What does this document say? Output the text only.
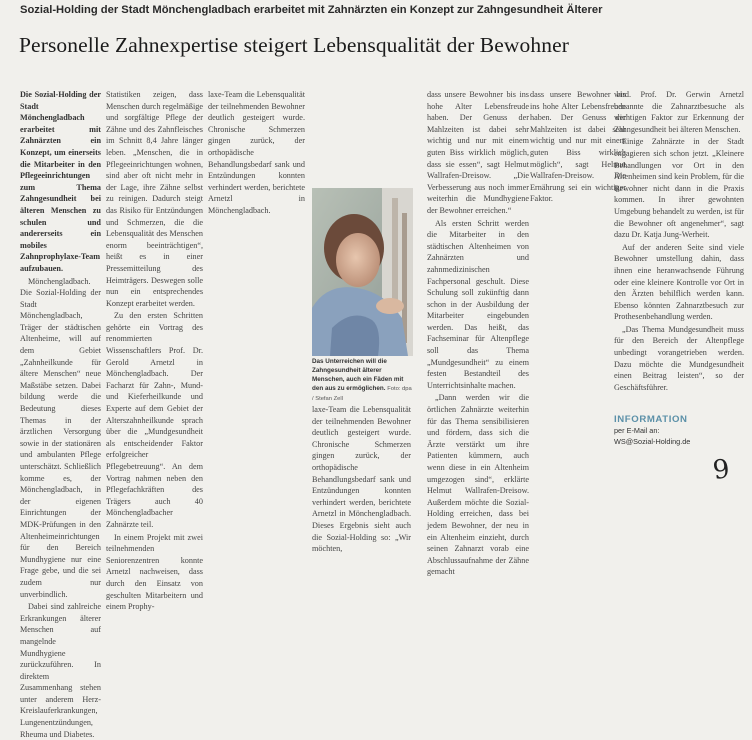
Sozial-Holding der Stadt Mönchengladbach erarbeitet mit Zahnärzten ein Konzept zur Zahngesundheit Älterer
Personelle Zahnexpertise steigert Lebensqualität der Bewohner

Die Sozial-Holding der Stadt Mönchengladbach erarbeitet mit Zahnärzten ein Konzept, um einerseits die Mitarbeiter in den Pflegeeinrichtungen zum Thema Zahngesundheit bei älteren Menschen zu schulen und andererseits ein mobiles Zahnprophylaxe-Team aufzubauen.

Mönchengladbach. Die Sozial-Holding der Stadt Mönchengladbach, Träger der städtischen Altenheime, will auf dem Gebiet „Zahnheilkunde für ältere Menschen“ neue Maßstäbe setzen. Dabei bildung werde die Bedeutung dieses Themas in der ärztlichen Versorgung sowie in der stationären und ambulanten Pflege unterschätzt. Schließlich komme es, der Mönchengladbach, in der eigenen Einrichtungen der MDK-Prüfungen in den Altenheimeinrichtungen für den Bereich Mundhygiene nur eine Frage gebe, und die sei zudem nur unverbindlich.

Dabei sind zahlreiche Erkrankungen älterer Menschen auf mangelnde Mundhygiene zurückzuführen. In direktem Zusammenhang stehen unter anderem Herz-Kreislauferkrankungen, Lungenentzündungen, Rheuma und Diabetes.

Statistiken zeigen, dass Menschen durch regelmäßige und sorgfältige Pflege der Zähne und des Zahnfleisches im Schnitt 8,4 Jahre länger leben. „Menschen, die in Pflegeeinrichtungen wohnen, sind aber oft nicht mehr in der Lage, ihre Zähne selbst zu reinigen. Dadurch steigt das Risiko für Entzündungen und Schmerzen, die die Lebensqualität des Menschen enorm beeinträchtigen“, heißt es in einer Pressemitteilung des Heimträgers. Deswegen solle nun ein entsprechendes Konzept erarbeitet werden.

Zu den ersten Schritten gehörte ein Vortrag des renommierten Wissenschaftlers Prof. Dr. Gerold Arnetzl in Mönchengladbach. Der Facharzt für Zahn-, Mund- und Kieferheilkunde und Experte auf dem Gebiet der Alterszahnheilkunde sprach über die „Mundgesundheit als entscheidender Faktor erfolgreicher Pflegebetreuung“. An dem Vortrag nahmen neben den Pflegefachkräften des Trägers auch 40 Mönchengladbacher Zahnärzte teil.

In einem Projekt mit zwei teilnehmenden Seniorenzentren konnte Arnetzl nachweisen, dass durch den Einsatz von geschulten Mitarbeitern und einem Prophy-

laxe-Team die Lebensqualität der teilnehmenden Bewohner deutlich gesteigert wurde. Chronische Schmerzen gingen zurück, der orthopädische Behandlungsbedarf sank und Entzündungen konnten verhindert werden, berichtete Arnetzl in Mönchengladbach.

Das Unterreichen will die Zahngesundheit älterer Menschen, auch ein Fäden mit den aus zu ermöglichen. Foto: dpa / Stefan Zell
laxe-Team die Lebensqualität der teilnehmenden Bewohner deutlich gesteigert wurde. Chronische Schmerzen gingen zurück, der orthopädische Behandlungsbedarf sank und Entzündungen konnten verhindert werden, berichtete Arnetzl in Mönchengladbach. Dieses Ergebnis sieht auch die Sozial-Holding so: „Wir möchten,

dass unsere Bewohner bis ins hohe Alter Lebensfreude haben. Der Genuss der Mahlzeiten ist dabei sehr wichtig und nur mit einem guten Biss wirklich möglich, dass sie essen“, sagt Helmut Wallrafen-Dreisow. „Die Verbesserung aus noch immer weiterhin die Mundhygiene der Bewohner erreichen.“

Als ersten Schritt werden die Mitarbeiter in den städtischen Altenheimen von Zahnärzten und zahnmedizinischen Fachpersonal geschult. Diese Schulung soll zukünftig dann schon in der Ausbildung der Mitarbeiter eingebunden werden. Das heißt, das Fachseminar für Altenpflege soll das Thema „Mundgesundheit“ zu einem festen Bestandteil des Unterrichtsinhalte machen.

„Dann werden wir die örtlichen Zahnärzte weiterhin für das Thema sensibilisieren und fördern, dass sich die Ärzte verstärkt um ihre Patienten kümmern, auch wenn diese in ein Altenheim umgezogen sind“, erklärte Helmut Wallrafen-Dreisow. Außerdem möchte die Sozial-Holding erreichen, dass bei jedem Bewohner, der neu in ein Altenheim einzieht, durch seinen Zahnarzt vorab eine Abschlussaufnahme der Zähne gemacht

dass unsere Bewohner bis ins hohe Alter Lebensfreude haben. Der Genuss der Mahlzeiten ist dabei sehr wichtig und nur mit einem guten Biss wirklich möglich“, sagt Helmut Wallrafen-Dreisow. Die Ernährung sei ein wichtiger Faktor.

wird. Prof. Dr. Gerwin Arnetzl benannte die Zahnarztbesuche als wichtigen Faktor zur Erkennung der Zahngesundheit bei älteren Menschen.

Einige Zahnärzte in der Stadt engagieren sich schon jetzt. „Kleinere Behandlungen vor Ort in den Altenheimen sind kein Problem, für die Bewohner nicht dann in die Praxis kommen. In ihrer gewohnten Umgebung behandelt zu werden, ist für die Bewohner oft angenehmer“, sagt dazu Dr. Katja Jung-Werheit.

Auf der anderen Seite sind viele Bewohner umstellung dahin, dass ihnen eine heranwachsende Führung oder eine kleinere Kontrolle vor Ort in den Ärzten behilflich werden kann. Ebenso könnten Zahnarztbesuch zur Prothesenbehandlung werden.

„Das Thema Mundgesundheit muss für den Bereich der Altenpflege unbedingt vorangetrieben werden. Dazu möchte die Mundgesundheit einen Beitrag leisten“, so der Geschäftsführer.

INFORMATION
per E-Mail an:
WS@Sozial-Holding.de
9
